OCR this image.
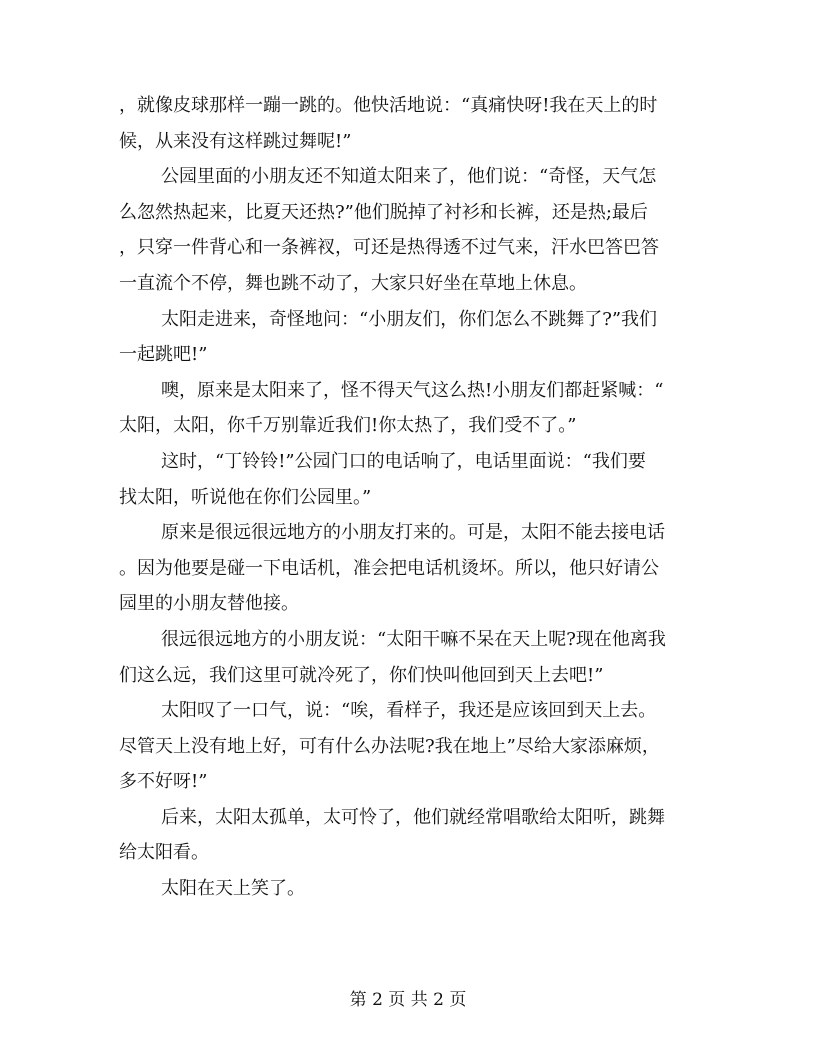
，就像皮球那样一蹦一跳的。他快活地说：“真痛快呀!我在天上的时
候，从来没有这样跳过舞呢!”
公园里面的小朋友还不知道太阳来了，他们说：“奇怪，天气怎
么忽然热起来，比夏天还热?”他们脱掉了衬衫和长裤，还是热;最后
，只穿一件背心和一条裤衩，可还是热得透不过气来，汗水巴答巴答
一直流个不停，舞也跳不动了，大家只好坐在草地上休息。
太阳走进来，奇怪地问：“小朋友们，你们怎么不跳舞了?”我们
一起跳吧!”
噢，原来是太阳来了，怪不得天气这么热!小朋友们都赶紧喊：“
太阳，太阳，你千万别靠近我们!你太热了，我们受不了。”
这时，“丁铃铃!”公园门口的电话响了，电话里面说：“我们要
找太阳，听说他在你们公园里。”
原来是很远很远地方的小朋友打来的。可是，太阳不能去接电话
。因为他要是碰一下电话机，准会把电话机烫坏。所以，他只好请公
园里的小朋友替他接。
很远很远地方的小朋友说：“太阳干嘛不呆在天上呢?现在他离我
们这么远，我们这里可就冷死了，你们快叫他回到天上去吧!”
太阳叹了一口气，说：“唉，看样子，我还是应该回到天上去。
尽管天上没有地上好，可有什么办法呢?我在地上”尽给大家添麻烦，
多不好呀!”
后来，太阳太孤单，太可怜了，他们就经常唱歌给太阳听，跳舞
给太阳看。
太阳在天上笑了。
第 2 页 共 2 页
